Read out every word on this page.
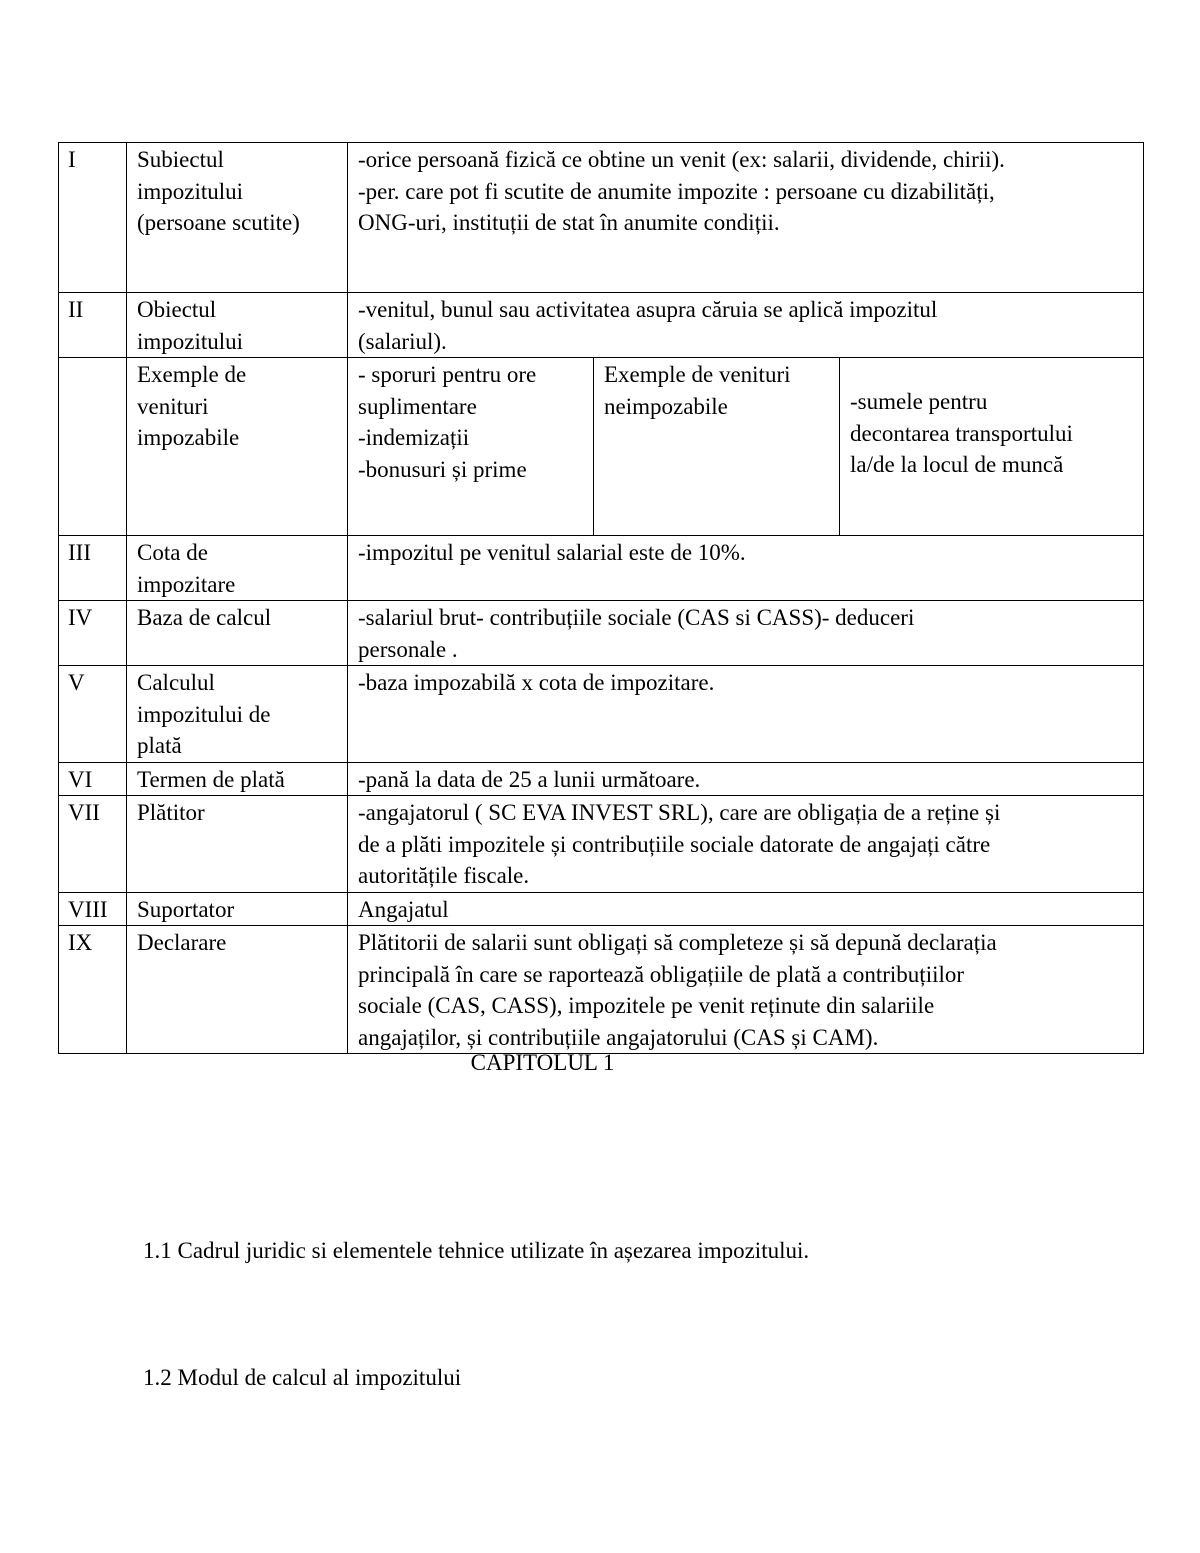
I	Subiectul
impozitului
(persoane scutite)	-orice persoană fizică ce obtine un venit (ex: salarii, dividende, chirii).
-per. care pot fi scutite de anumite impozite : persoane cu dizabilități,
ONG-uri, instituții de stat în anumite condiții.		
II	Obiectul
impozitului	-venitul, bunul sau activitatea asupra căruia se aplică impozitul
(salariul).		
	Exemple de
venituri
impozabile	- sporuri pentru ore
suplimentare
-indemizații
-bonusuri și prime	Exemple de venituri
neimpozabile	-sumele pentru
decontarea transportului
la/de la locul de muncă
III	Cota de
impozitare	-impozitul pe venitul salarial este de 10%.		
IV	Baza de calcul	-salariul brut- contribuțiile sociale (CAS si CASS)- deduceri
personale .		
V	Calculul
impozitului de
plată	-baza impozabilă x cota de impozitare.		
VI	Termen de plată	-pană la data de 25 a lunii următoare.		
VII	Plătitor	-angajatorul ( SC EVA INVEST SRL), care are obligația de a reține și
de a plăti impozitele și contribuțiile sociale datorate de angajați către
autoritățile fiscale.		
VIII	Suportator	Angajatul		
IX	Declarare	Plătitorii de salarii sunt obligați să completeze și să depună declarația
principală în care se raportează obligațiile de plată a contribuțiilor
sociale (CAS, CASS), impozitele pe venit reținute din salariile
angajaților, și contribuțiile angajatorului (CAS și CAM).		
CAPITOLUL 1
1.1 Cadrul juridic si elementele tehnice utilizate în așezarea impozitului.
1.2 Modul de calcul al impozitului
